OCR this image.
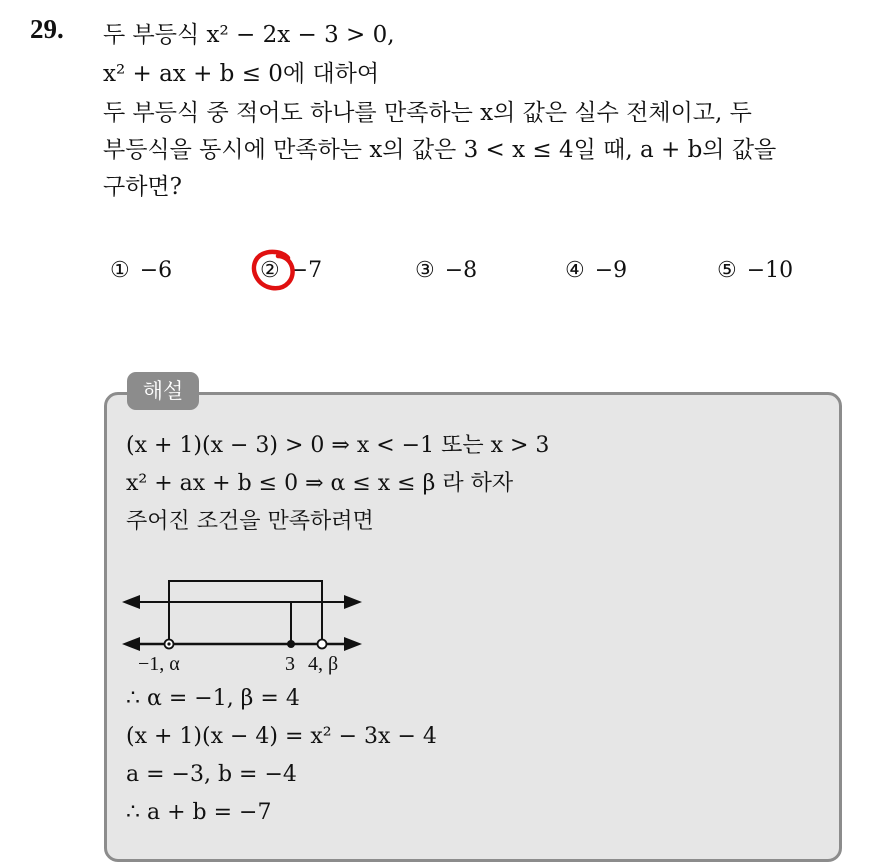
29. 두 부등식 x² − 2x − 3 > 0,
x² + ax + b ≤ 0에 대하여
두 부등식 중 적어도 하나를 만족하는 x의 값은 실수 전체이고, 두
부등식을 동시에 만족하는 x의 값은 3 < x ≤ 4일 때, a + b의 값을
구하면?
① −6	② −7	③ −8	④ −9	⑤ −10
해설
(x + 1)(x − 3) > 0 ⇒ x < −1 또는 x > 3
x² + ax + b ≤ 0 ⇒ α ≤ x ≤ β 라 하자
주어진 조건을 만족하려면
−1, α	3 4, β
∴ α = −1, β = 4
(x + 1)(x − 4) = x² − 3x − 4
a = −3, b = −4
∴ a + b = −7
